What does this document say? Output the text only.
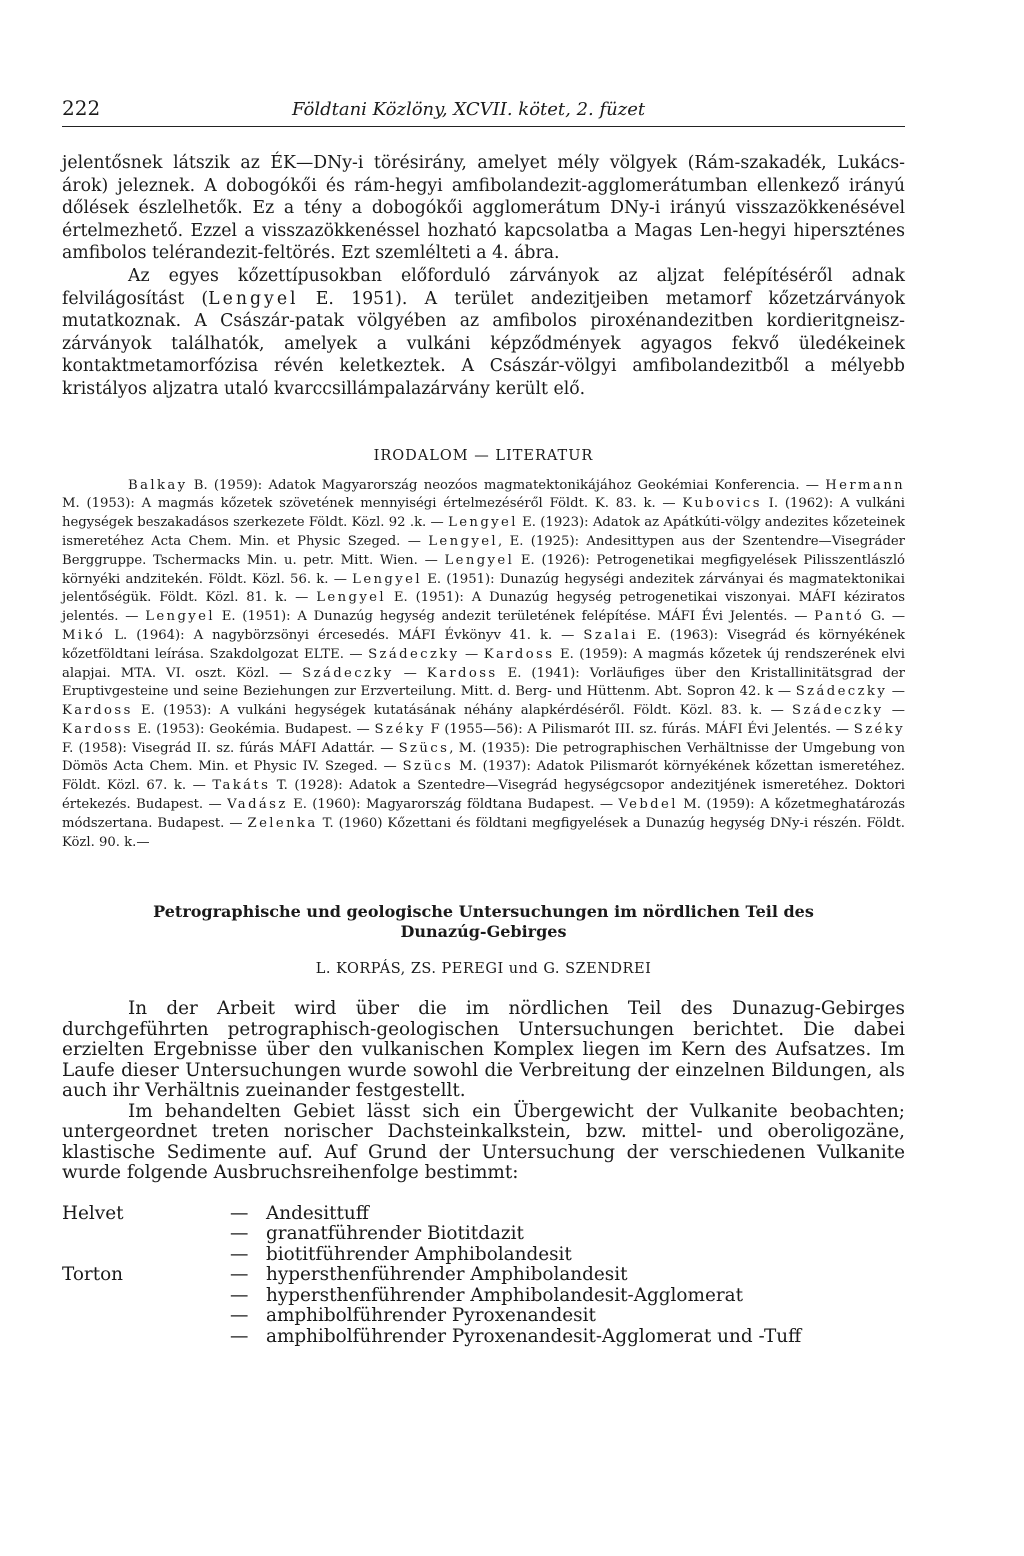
222	Földtani Közlöny, XCVII. kötet, 2. füzet

jelentősnek látszik az ÉK—DNy-i törésirány, amelyet mély völgyek (Rám-szakadék, Lukács-árok) jeleznek. A dobogókői és rám-hegyi amfibolandezit-agglomerátumban ellenkező irányú dőlések észlelhetők. Ez a tény a dobogókői agglomerátum DNy-i irányú visszazökkenésével értelmezhető. Ezzel a visszazökkenéssel hozható kapcsolatba a Magas Len-hegyi hiperszténes amfibolos telérandezit-feltörés. Ezt szemlélteti a 4. ábra.

Az egyes kőzettípusokban előforduló zárványok az aljzat felépítéséről adnak felvilágosítást (Lengyel E. 1951). A terület andezitjeiben metamorf kőzetzárványok mutatkoznak. A Császár-patak völgyében az amfibolos piroxénandezitben kordieritgneisz-zárványok találhatók, amelyek a vulkáni képződmények agyagos fekvő üledékeinek kontaktmetamorfózisa révén keletkeztek. A Császár-völgyi amfibolandezitből a mélyebb kristályos aljzatra utaló kvarccsillámpalazárvány került elő.

IRODALOM — LITERATUR

Balkay B. (1959): Adatok Magyarország neozóos magmatektonikájához Geokémiai Konferencia. — Hermann M. (1953): A magmás kőzetek szövetének mennyiségi értelmezéséről Földt. K. 83. k. — Kubovics I. (1962): A vulkáni hegységek beszakadásos szerkezete Földt. Közl. 92 .k. — Lengyel E. (1923): Adatok az Apátkúti-völgy andezites kőzeteinek ismeretéhez Acta Chem. Min. et Physic Szeged. — Lengyel, E. (1925): Andesittypen aus der Szentendre—Visegráder Berggruppe. Tschermacks Min. u. petr. Mitt. Wien. — Lengyel E. (1926): Petrogenetikai megfigyelések Pilisszentlászló környéki andzitekén. Földt. Közl. 56. k. — Lengyel E. (1951): Dunazúg hegységi andezitek zárványai és magmatektonikai jelentőségük. Földt. Közl. 81. k. — Lengyel E. (1951): A Dunazúg hegység petrogenetikai viszonyai. MÁFI kéziratos jelentés. — Lengyel E. (1951): A Dunazúg hegység andezit területének felépítése. MÁFI Évi Jelentés. — Pantó G. — Mikó L. (1964): A nagybörzsönyi ércesedés. MÁFI Évkönyv 41. k. — Szalai E. (1963): Visegrád és környékének kőzetföldtani leírása. Szakdolgozat ELTE. — Szádeczky — Kardoss E. (1959): A magmás kőzetek új rendszerének elvi alapjai. MTA. VI. oszt. Közl. — Szádeczky — Kardoss E. (1941): Vorläufiges über den Kristallinitätsgrad der Eruptivgesteine und seine Beziehungen zur Erzverteilung. Mitt. d. Berg- und Hüttenm. Abt. Sopron 42. k — Szádeczky — Kardoss E. (1953): A vulkáni hegységek kutatásának néhány alapkérdéséről. Földt. Közl. 83. k. — Szádeczky — Kardoss E. (1953): Geokémia. Budapest. — Széky F (1955—56): A Pilismarót III. sz. fúrás. MÁFI Évi Jelentés. — Széky F. (1958): Visegrád II. sz. fúrás MÁFI Adattár. — Szücs, M. (1935): Die petrographischen Verhältnisse der Umgebung von Dömös Acta Chem. Min. et Physic IV. Szeged. — Szücs M. (1937): Adatok Pilismarót környékének kőzettan ismeretéhez. Földt. Közl. 67. k. — Takáts T. (1928): Adatok a Szentedre—Visegrád hegységcsopor andezitjének ismeretéhez. Doktori értekezés. Budapest. — Vadász E. (1960): Magyarország földtana Budapest. — Vebdel M. (1959): A kőzetmeghatározás módszertana. Budapest. — Zelenka T. (1960) Kőzettani és földtani megfigyelések a Dunazúg hegység DNy-i részén. Földt. Közl. 90. k.—

Petrographische und geologische Untersuchungen im nördlichen Teil des
Dunazúg-Gebirges
L. KORPÁS, ZS. PEREGI und G. SZENDREI

In der Arbeit wird über die im nördlichen Teil des Dunazug-Gebirges durchgeführten petrographisch-geologischen Untersuchungen berichtet. Die dabei erzielten Ergebnisse über den vulkanischen Komplex liegen im Kern des Aufsatzes. Im Laufe dieser Untersuchungen wurde sowohl die Verbreitung der einzelnen Bildungen, als auch ihr Verhältnis zueinander festgestellt.

Im behandelten Gebiet lässt sich ein Übergewicht der Vulkanite beobachten; untergeordnet treten norischer Dachsteinkalkstein, bzw. mittel- und oberoligozäne, klastische Sedimente auf. Auf Grund der Untersuchung der verschiedenen Vulkanite wurde folgende Ausbruchsreihenfolge bestimmt:

Helvet	— Andesittuff
— granatführender Biotitdazit
— biotitführender Amphibolandesit
Torton	— hypersthenführender Amphibolandesit
— hypersthenführender Amphibolandesit-Agglomerat
— amphibolführender Pyroxenandesit
— amphibolführender Pyroxenandesit-Agglomerat und -Tuff
